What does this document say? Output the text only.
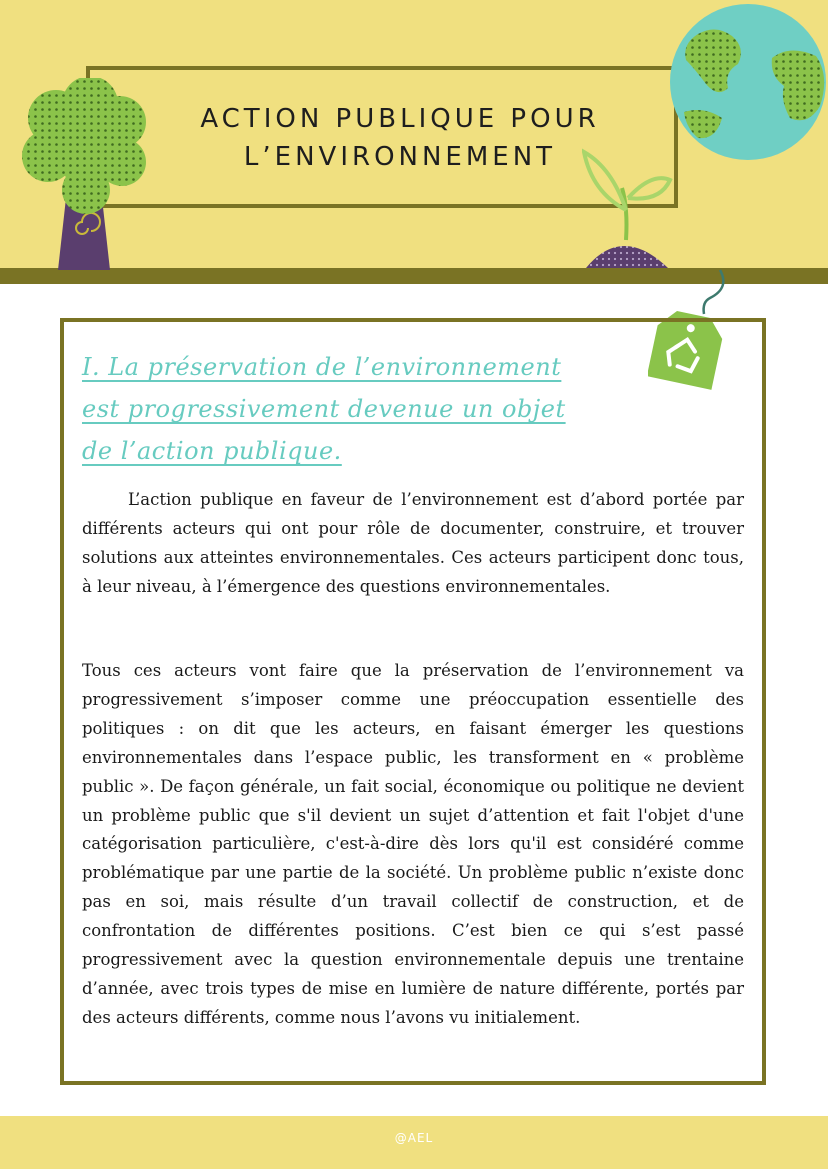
ACTION PUBLIQUE POUR
L’ENVIRONNEMENT
I. La préservation de l’environnement
est progressivement devenue un objet
de l’action publique.

L’action publique en faveur de l’environnement est d’abord portée par différents acteurs qui ont pour rôle de documenter, construire, et trouver solutions aux atteintes environnementales. Ces acteurs participent donc tous, à leur niveau, à l’émergence des questions environnementales.

Tous ces acteurs vont faire que la préservation de l’environnement va progressivement s’imposer comme une préoccupation essentielle des politiques : on dit que les acteurs, en faisant émerger les questions environnementales dans l’espace public, les transforment en « problème public ». De façon générale, un fait social, économique ou politique ne devient un problème public que s'il devient un sujet d’attention et fait l'objet d'une catégorisation particulière, c'est-à-dire dès lors qu'il est considéré comme problématique par une partie de la société. Un problème public n’existe donc pas en soi, mais résulte d’un travail collectif de construction, et de confrontation de différentes positions. C’est bien ce qui s’est passé progressivement avec la question environnementale depuis une trentaine d’année, avec trois types de mise en lumière de nature différente, portés par des acteurs différents, comme nous l’avons vu initialement.

@AEL
